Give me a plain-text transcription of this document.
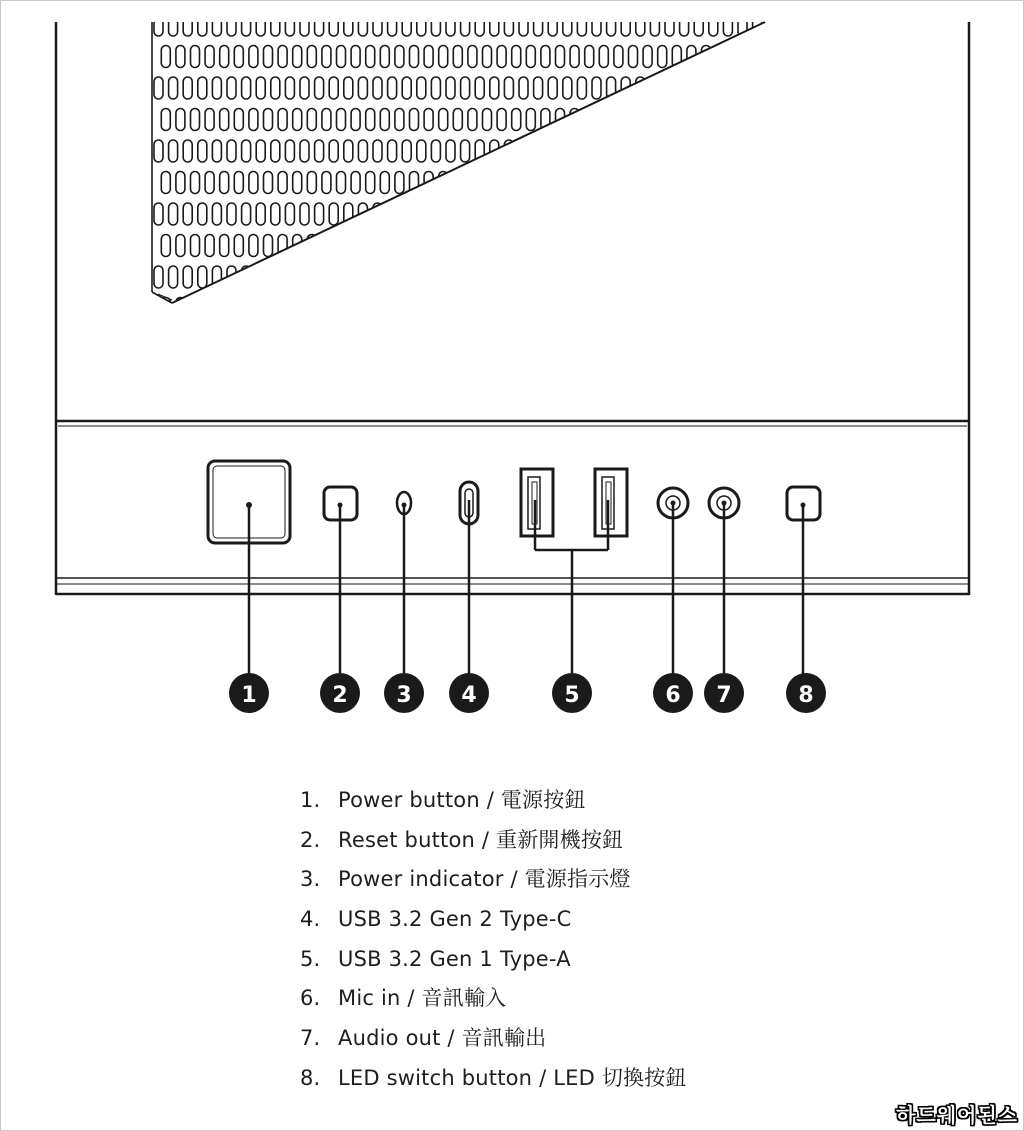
1	2 3 4	5	6 7	8
1. Power button / 電源按鈕
2. Reset button / 重新開機按鈕
3. Power indicator / 電源指示燈
4. USB 3.2 Gen 2 Type-C
5. USB 3.2 Gen 1 Type-A
6. Mic in / 音訊輸入
7. Audio out / 音訊輸出
8. LED switch button / LED 切換按鈕
하드웨어된스
